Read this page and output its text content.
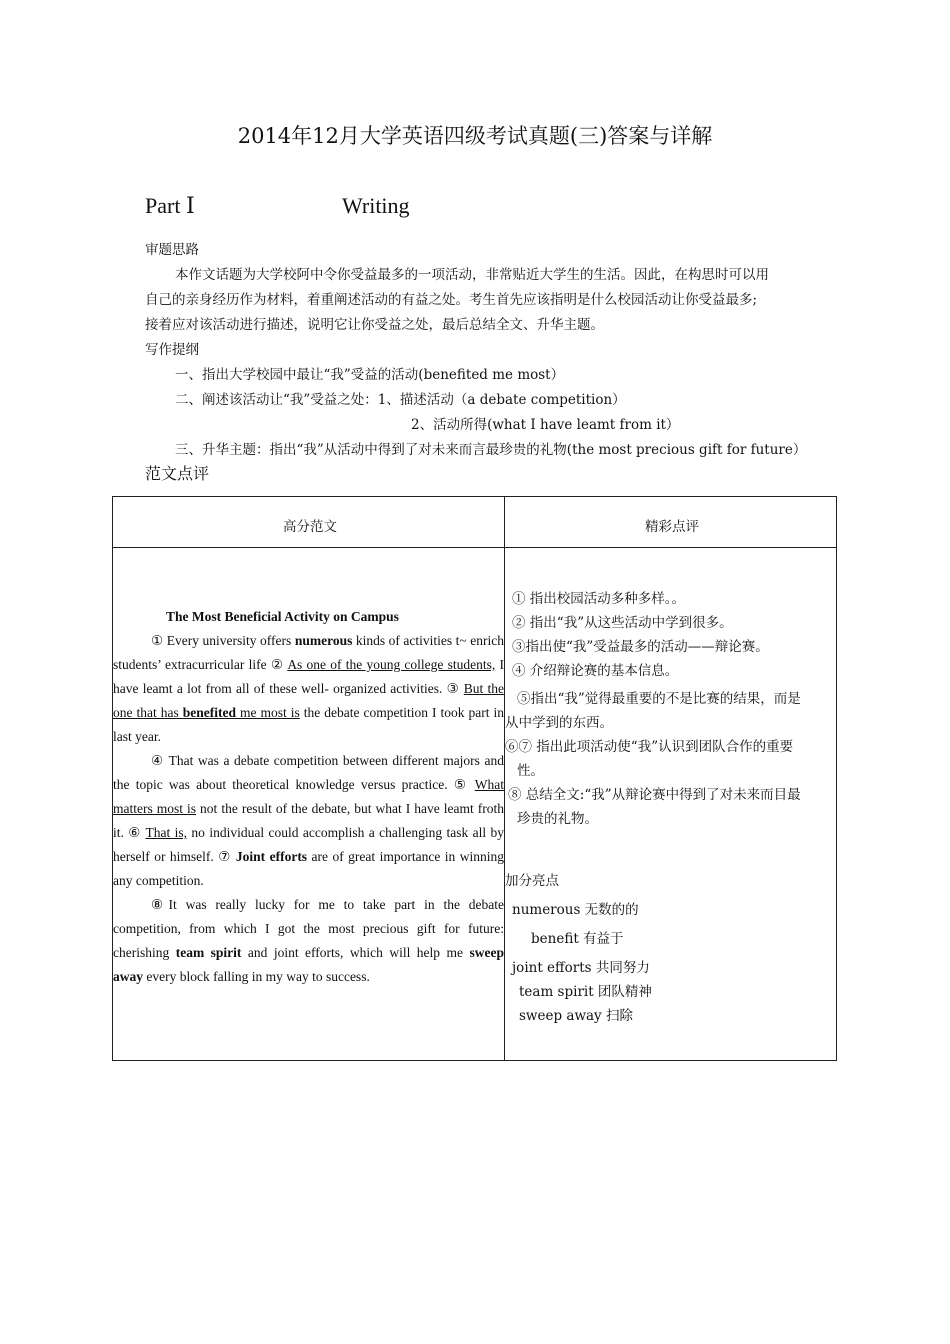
2014年12月大学英语四级考试真题(三)答案与详解
Part Ⅰ	Writing
审题思路
本作文话题为大学校阿中令你受益最多的一项活动，非常贴近大学生的生活。因此，在构思时可以用
自己的亲身经历作为材料，着重阐述活动的有益之处。考生首先应该指明是什么校园活动让你受益最多;
接着应对该活动进行描述，说明它让你受益之处，最后总结全文、升华主题。
写作提纲
一、指出大学校园中最让“我”受益的活动(benefited me most）
二、阐述该活动让“我”受益之处：1、描述活动（a debate competition）
2、活动所得(what I have leamt from it）
三、升华主题：指出“我”从活动中得到了对未来而言最珍贵的礼物(the most precious gift for future）
范文点评
高分范文	精彩点评

The Most Beneficial Activity on Campus

① Every university offers numerous kinds of activities t~ enrich students’ extracurricular life ② As one of the young college students, I have leamt a lot from all of these well- organized activities. ③ But the one that has benefited me most is the debate competition I took part in last year.

④ That was a debate competition between different majors and the topic was about theoretical knowledge versus practice. ⑤ What matters most is not the result of the debate, but what I have leamt froth it. ⑥ That is, no individual could accomplish a challenging task all by herself or himself. ⑦ Joint efforts are of great importance in winning any competition.

⑧It was really lucky for me to take part in the debate competition, from which I got the most precious gift for future: cherishing team spirit and joint efforts, which will help me sweep away every block falling in my way to success.

① 指出校园活动多种多样。。
② 指出“我”从这些活动中学到很多。
③指出使“我”受益最多的活动——辩论赛。
④ 介绍辩论赛的基本信息。
⑤指出“我”觉得最重要的不是比赛的结果，而是
从中学到的东西。
⑥⑦ 指出此项活动使“我”认识到团队合作的重要
性。
⑧ 总结全文:“我”从辩论赛中得到了对未来而目最
珍贵的礼物。
加分亮点
numerous 无数的的
benefit 有益于
joint efforts 共同努力
team spirit 团队精神
sweep away 扫除
